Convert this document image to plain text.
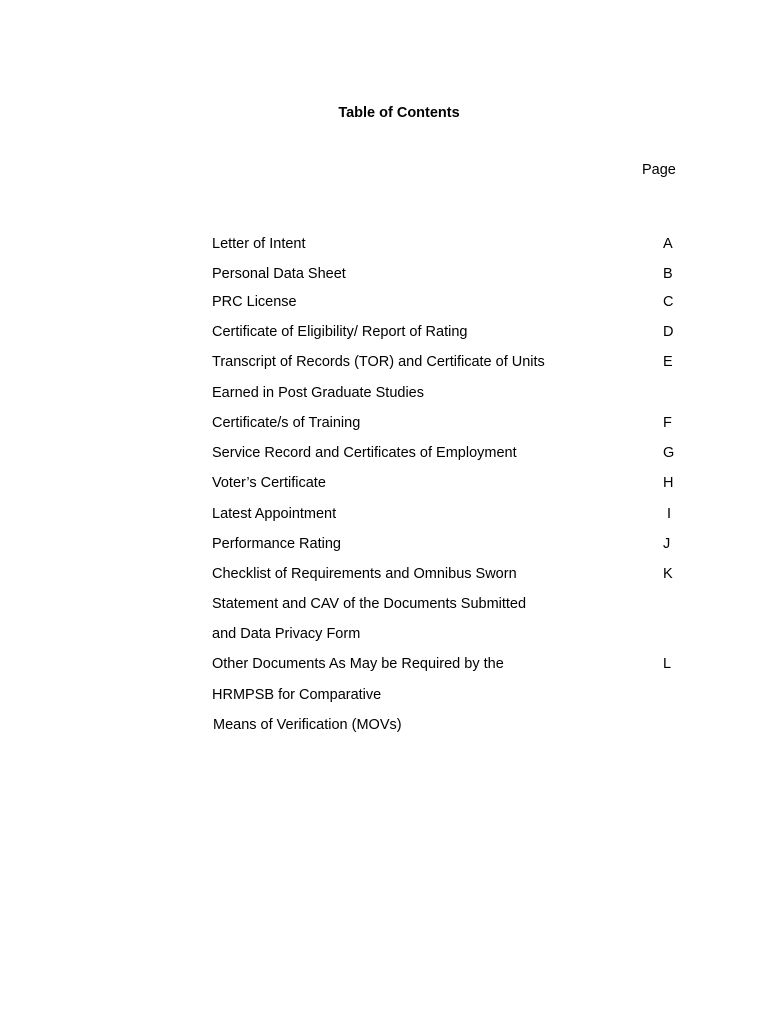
Table of Contents
Page
Letter of Intent	A
Personal Data Sheet	B
PRC License	C
Certificate of Eligibility/ Report of Rating	D
Transcript of Records (TOR) and Certificate of Units	E
Earned in Post Graduate Studies
Certificate/s of Training	F
Service Record and Certificates of Employment	G
Voter’s Certificate	H
Latest Appointment	I
Performance Rating	J
Checklist of Requirements and Omnibus Sworn	K
Statement and CAV of the Documents Submitted
and Data Privacy Form
Other Documents As May be Required by the	L
HRMPSB for Comparative
Means of Verification (MOVs)
